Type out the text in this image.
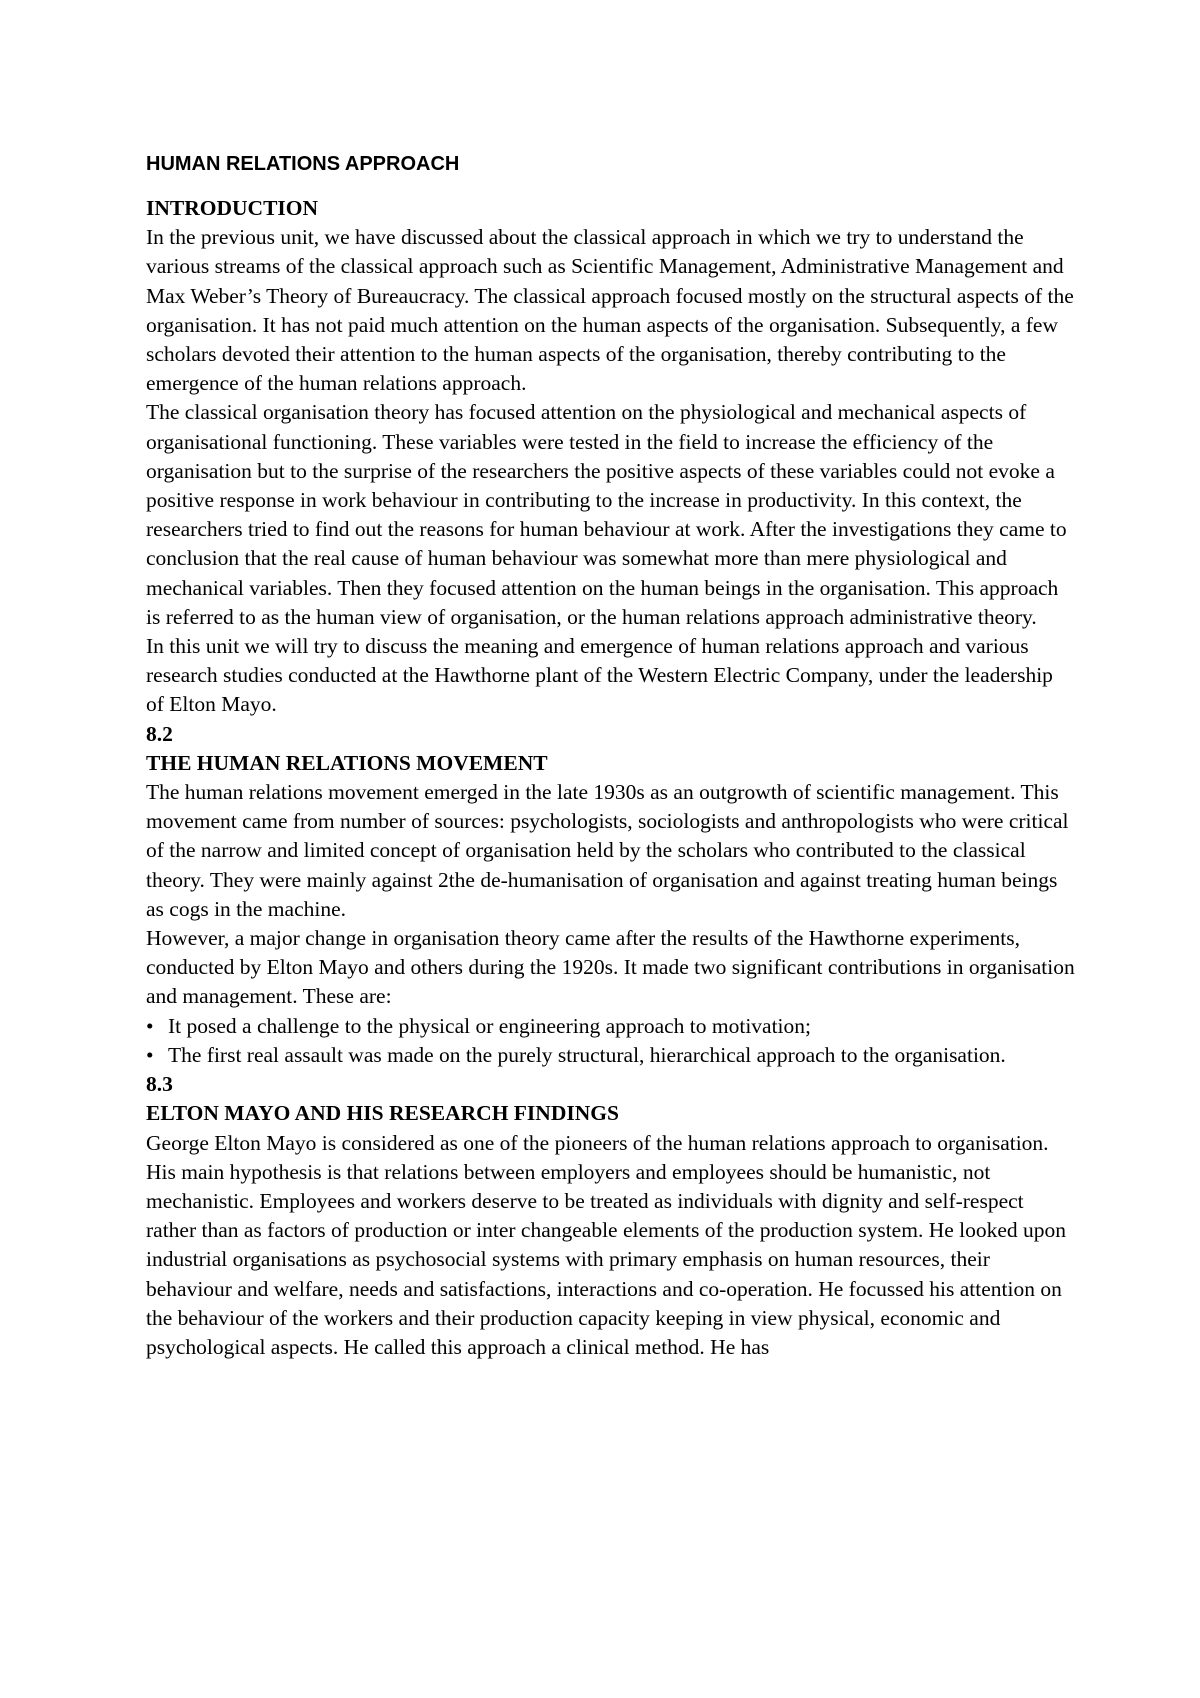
HUMAN RELATIONS APPROACH
INTRODUCTION

In the previous unit, we have discussed about the classical approach in which we try to understand the various streams of the classical approach such as Scientific Management, Administrative Management and Max Weber’s Theory of Bureaucracy. The classical approach focused mostly on the structural aspects of the organisation. It has not paid much attention on the human aspects of the organisation. Subsequently, a few scholars devoted their attention to the human aspects of the organisation, thereby contributing to the emergence of the human relations approach.

The classical organisation theory has focused attention on the physiological and mechanical aspects of organisational functioning. These variables were tested in the field to increase the efficiency of the organisation but to the surprise of the researchers the positive aspects of these variables could not evoke a positive response in work behaviour in contributing to the increase in productivity. In this context, the researchers tried to find out the reasons for human behaviour at work. After the investigations they came to conclusion that the real cause of human behaviour was somewhat more than mere physiological and mechanical variables. Then they focused attention on the human beings in the organisation. This approach is referred to as the human view of organisation, or the human relations approach administrative theory.

In this unit we will try to discuss the meaning and emergence of human relations approach and various research studies conducted at the Hawthorne plant of the Western Electric Company, under the leadership of Elton Mayo.

8.2
THE HUMAN RELATIONS MOVEMENT

The human relations movement emerged in the late 1930s as an outgrowth of scientific management. This movement came from number of sources: psychologists, sociologists and anthropologists who were critical of the narrow and limited concept of organisation held by the scholars who contributed to the classical theory. They were mainly against 2the de-humanisation of organisation and against treating human beings as cogs in the machine.

However, a major change in organisation theory came after the results of the Hawthorne experiments, conducted by Elton Mayo and others during the 1920s. It made two significant contributions in organisation and management. These are:

• It posed a challenge to the physical or engineering approach to motivation;
• The first real assault was made on the purely structural, hierarchical approach to the organisation.
8.3
ELTON MAYO AND HIS RESEARCH FINDINGS

George Elton Mayo is considered as one of the pioneers of the human relations approach to organisation. His main hypothesis is that relations between employers and employees should be humanistic, not mechanistic. Employees and workers deserve to be treated as individuals with dignity and self-respect rather than as factors of production or inter changeable elements of the production system. He looked upon industrial organisations as psychosocial systems with primary emphasis on human resources, their behaviour and welfare, needs and satisfactions, interactions and co-operation. He focussed his attention on the behaviour of the workers and their production capacity keeping in view physical, economic and psychological aspects. He called this approach a clinical method. He has
